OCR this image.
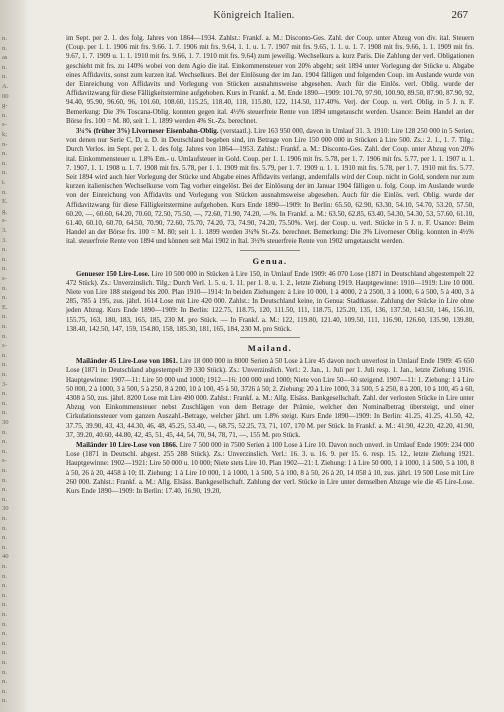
n.
n.
as
n.
n.
A.
00
g-
n.
s-
k;
n-
n.
n.
n.
t.
n.
E.
g,
s-
3.
3.
n.
n.
n.
s-
n.
n.
E.
n.
n.
n.
s-
n.
n.
n.
3-
n.
n.
n.
30
n.
n.
n.
s-
n.
n.
n.
n.
30
n.
n.
n.
n.
40
n.
n.
n.
n.
n.
n.
n.
n.
n.
n.
n.
n.
n.
n.
n.
Königreich Italien.	267

im Sept. per 2. 1. des folg. Jahres von 1864—1934. Zahlst.: Frankf. a. M.: Disconto-Ges. Zahl. der Coup. unter Abzug von div. ital. Steuern (Coup. per 1. 1. 1906 mit frs. 9.66. 1. 7. 1906 mit frs. 9.64, 1. 1. u. 1. 7. 1907 mit frs. 9.65, 1. 1. u. 1. 7. 1908 mit frs. 9.66, 1. 1. 1909 mit frs. 9.67, 1. 7. 1909 u. 1. 1. 1910 mit frs. 9.66, 1. 7. 1910 mit frs. 9.64) zum jeweilig. Wechselkurs a. kurz Paris. Die Zahlung der verl. Obligationen geschieht mit frs. zu 140% wobei von dem Agio die ital. Einkommensteuer von 20% abgeht; seit 1894 unter Vorlegung der Stücke u. Abgabe eines Affidavits, sonst zum kurzen ital. Wechselkurs. Bei der Einlösung der im Jan. 1904 fälligen und folgenden Coup. im Auslande wurde von der Einreichung von Affidavits und Vorlegung von Stücken ausnahmsweise abgesehen. Auch für die Einlös. verl. Oblig. wurde der Affidavitzwang für diese Fälligkeitstermine aufgehoben. Kurs in Frankf. a. M. Ende 1890—1909: 101.70, 97.90, 100.90, 89.50, 87.90, 87.90, 92, 94.40, 95.90, 96.60, 96, 101.60, 108.60, 115.25, 118.40, 118, 115.80, 122, 114.50, 117.40%. Verj. der Coup. u. verl. Oblig. in 5 J. n. F. Bemerkung: Die 3% Toscana-Oblig. konnten gegen ital. 4½% steuerfreie Rente von 1894 umgetauscht werden. Usance: Beim Handel an der Börse frs. 100 = M. 80, seit 1. 1. 1899 werden 4% St.-Zs. berechnet.

3¼% (früher 3%) Livorneser Eisenbahn-Oblig. (verstaatl.). Lire 163 950 000, davon in Umlauf 31. 3. 1910: Lire 128 250 000 in 5 Serien, von denen nur Serie C, D, u. D. in Deutschland begeben sind, im Betrage von Lire 150 000 000 in Stücken à Lire 500. Zs.: 2. 1., 1. 7. Tilg.: Durch Verlos. im Sept. per 2. 1. des folg. Jahres von 1864—1953. Zahlst.: Frankf. a. M.: Disconto-Ges. Zahl. der Coup. unter Abzug von 20% ital. Einkommensteuer u. 1.8% Em.- u. Umlaufsteuer in Gold. Coup. per 1. 1. 1906 mit frs. 5.78, per 1. 7. 1906 mit frs. 5.77, per 1. 1. 1907 u. 1. 7. 1907, 1. 1. 1908 u. 1. 7. 1908 mit frs. 5.78, per 1. 1. 1909 mit frs. 5.79, per 1. 7. 1909 u. 1. 1. 1910 mit frs. 5.78, per 1. 7. 1910 mit frs. 5.77. Seit 1894 wird auch hier Vorlegung der Stücke und Abgabe eines Affidavits verlangt, andernfalls wird der Coup. nicht in Gold, sondern nur zum kurzen italienischen Wechselkurse vom Tag vorher eingelöst. Bei der Einlösung der im Januar 1904 fälligen u. folg. Coup. im Auslande wurde von der Einreichung von Affidavits und Vorlegung von Stücken ausnahmsweise abgesehen. Auch für die Einlös. verl. Oblig. wurde der Affidavitzwang für diese Fälligkeitstermine aufgehoben. Kurs Ende 1890—1909: In Berlin: 65.50, 62.90, 63.30, 54.10, 54.70, 53.20, 57.50, 60.20, —, 60.60, 64.20, 70.60, 72.50, 75.50, —, 72.60, 71.90, 74.20, —%. In Frankf. a. M.: 63.50, 62.85, 63.40, 54.30, 54.30, 53, 57.60, 61.10, 61.40, 60.10, 60.70, 64.50, 70.90, 72.60, 75.70, 74.20, 73, 74.90, 74.20, 75.50%. Verj. der Coup. u. verl. Stücke in 5 J. n. F. Usance: Beim Handel an der Börse frs. 100 = M. 80; seit 1. 1. 1899 werden 3¼% St.-Zs. berechnet. Bemerkung: Die 3% Livorneser Oblig. konnten in 4½% ital. steuerfreie Rente von 1894 und können seit Mai 1902 in Ital. 3½% steuerfreie Rente von 1902 umgetauscht werden.

Genua.

Genueser 150 Lire-Lose. Lire 10 500 000 in Stücken à Lire 150, in Umlauf Ende 1909: 46 070 Lose (1871 in Deutschland abgestempelt 22 472 Stück). Zs.: Unverzinslich. Tilg.: Durch Verl. 1. 5. u. 1. 11. per 1. 8. u. 1. 2., letzte Ziehung 1919. Hauptgewinne: 1910—1919: Lire 10 000. Niete von Lire 188 steigend bis 200. Plan 1910—1914: In beiden Ziehungen: à Lire 10 000, 1 à 4000, 2 à 2500, 3 à 1000, 6 à 500, 5 à 400, 3 à 285, 785 à 195, zus. jährl. 1614 Lose mit Lire 420 000. Zahlst.: In Deutschland keine, in Genua: Stadtkasse. Zahlung der Stücke in Lire ohne jeden Abzug. Kurs Ende 1890—1909: In Berlin: 122.75, 118.75, 120, 111.50, 111, 118.75, 125.20, 135, 136, 137.50, 143.50, 146, 156.10, 155.75, 163, 180, 183, 165, 185, 230 M. pro Stück. — In Frankf. a. M.: 122, 119.80, 121.40, 109.50, 111, 116.90, 126.60, 135.90, 139.80, 138.40, 142.50, 147, 159, 154.80, 158, 185.30, 181, 165, 184, 230 M. pro Stück.

Mailand.

Mailänder 45 Lire-Lose von 1861. Lire 18 000 000 in 8000 Serien à 50 Lose à Lire 45 davon noch unverlost in Umlauf Ende 1909: 45 650 Lose (1871 in Deutschland abgestempelt 39 330 Stück). Zs.: Unverzinslich. Verl.: 2. Jan., 1. Juli per 1. Juli resp. 1. Jan., letzte Ziehung 1916. Hauptgewinne: 1907—11: Lire 50 000 und 1000; 1912—16: 100 000 und 1000; Niete von Lire 50—60 steigend. 1907—11: 1. Ziehung: 1 à Lire 50 000, 2 à 1000, 3 à 500, 5 à 250, 8 à 200, 10 à 100, 45 à 50, 3726 à 50; 2. Ziehung: 20 à Lire 1000, 3 à 500, 5 à 250, 8 à 200, 10 à 100, 45 à 60, 4308 à 50, zus. jährl. 8200 Lose mit Lire 490 000. Zahlst.: Frankf. a. M.: Allg. Elsäss. Bankgesellschaft. Zahl. der verlosten Stücke in Lire unter Abzug von Einkommensteuer nebst Zuschlägen von dem Betrage der Prämie, welcher den Nominalbetrag übersteigt, und einer Cirkulationssteuer vom ganzen Auszahl.-Betrage, welcher jährl. um 1.8% steigt. Kurs Ende 1890—1909: In Berlin: 41.25, 41.25, 41.50, 42, 37.75, 39.90, 43, 43, 44.30, 46, 48, 45.25, 53.40, —, 68.75, 52.25, 73, 71, 107, 170 M. per Stück. In Frankf. a. M.: 41.90, 42.20, 42.20, 41.90, 37, 39.20, 40.60, 44.80, 42, 45, 51, 45, 44, 54, 70, 94, 78, 71, —, 155 M. pro Stück.

Mailänder 10 Lire-Lose von 1866. Lire 7 500 000 in 7500 Serien à 100 Lose à Lire 10. Davon noch unverl. in Umlauf Ende 1909: 234 000 Lose (1871 in Deutschl. abgest. 255 288 Stück). Zs.: Unverzinslich. Verl.: 16. 3. u. 16. 9. per 15. 6. resp. 15. 12., letzte Ziehung 1921. Hauptgewinne: 1902—1921: Lire 50 000 u. 10 000; Niete stets Lire 10. Plan 1902—21: I. Ziehung: 1 à Lire 50 000, 1 à 1000, 1 à 500, 5 à 100, 8 à 50, 26 à 20, 4458 à 10; II. Ziehung: 1 à Lire 10 000, 1 à 1000, 1 à 500, 5 à 100, 8 à 50, 26 à 20, 14 058 à 10, zus. jährl. 19 500 Lose mit Lire 260 000. Zahlst.: Frankf. a. M.: Allg. Elsäss. Bankgesellschaft. Zahlung der verl. Stücke in Lire unter demselben Abzuge wie die 45 Lire-Lose. Kurs Ende 1890—1909: In Berlin: 17.40, 16.90, 19.20,
